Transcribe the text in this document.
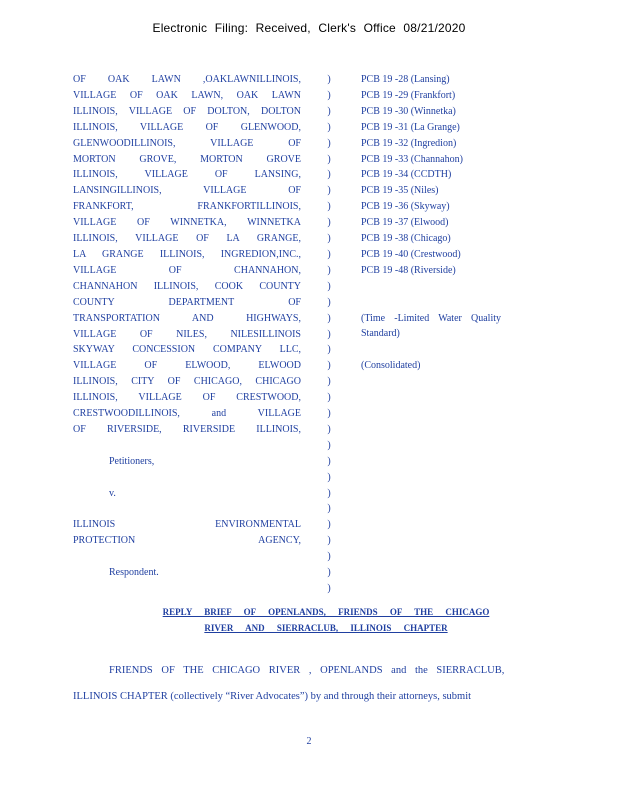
Electronic Filing: Received, Clerk's Office 08/21/2020
OF OAK LAWN ,OAKLAWNILLINOIS,
VILLAGE OF OAK LAWN, OAK LAWN
ILLINOIS, VILLAGE OF DOLTON, DOLTON
ILLINOIS, VILLAGE OF GLENWOOD,
GLENWOODILLINOIS, VILLAGE OF
MORTON GROVE, MORTON GROVE
ILLINOIS, VILLAGE OF LANSING,
LANSINGILLINOIS, VILLAGE OF
FRANKFORT, FRANKFORTILLINOIS,
VILLAGE OF WINNETKA, WINNETKA
ILLINOIS, VILLAGE OF LA GRANGE,
LA GRANGE ILLINOIS, INGREDION,INC.,
VILLAGE OF CHANNAHON,
CHANNAHON ILLINOIS, COOK COUNTY
COUNTY DEPARTMENT OF
TRANSPORTATION AND HIGHWAYS,
VILLAGE OF NILES, NILESILLINOIS
SKYWAY CONCESSION COMPANY LLC,
VILLAGE OF ELWOOD, ELWOOD
ILLINOIS, CITY OF CHICAGO, CHICAGO
ILLINOIS, VILLAGE OF CRESTWOOD,
CRESTWOODILLINOIS, and VILLAGE
OF RIVERSIDE, RIVERSIDE ILLINOIS,
Petitioners,
v.
ILLINOIS ENVIRONMENTAL
PROTECTION AGENCY,
Respondent.
)
)
)
)
)
)
)
)
)
)
)
)
)
)
)
)
)
)
)
)
)
)
)
)
)
)
)
)
)
)
)
)
)
PCB 19 -28 (Lansing)
PCB 19 -29 (Frankfort)
PCB 19 -30 (Winnetka)
PCB 19 -31 (La Grange)
PCB 19 -32 (Ingredion)
PCB 19 -33 (Channahon)
PCB 19 -34 (CCDTH)
PCB 19 -35 (Niles)
PCB 19 -36 (Skyway)
PCB 19 -37 (Elwood)
PCB 19 -38 (Chicago)
PCB 19 -40 (Crestwood)
PCB 19 -48 (Riverside)
(Time -Limited Water Quality Standard)
(Consolidated)
REPLY BRIEF OF OPENLANDS, FRIENDS OF THE CHICAGO
RIVER AND SIERRACLUB, ILLINOIS CHAPTER
FRIENDS OF THE CHICAGO RIVER , OPENLANDS and the SIERRACLUB,
ILLINOIS CHAPTER (collectively “River Advocates”) by and through their attorneys, submit
2
